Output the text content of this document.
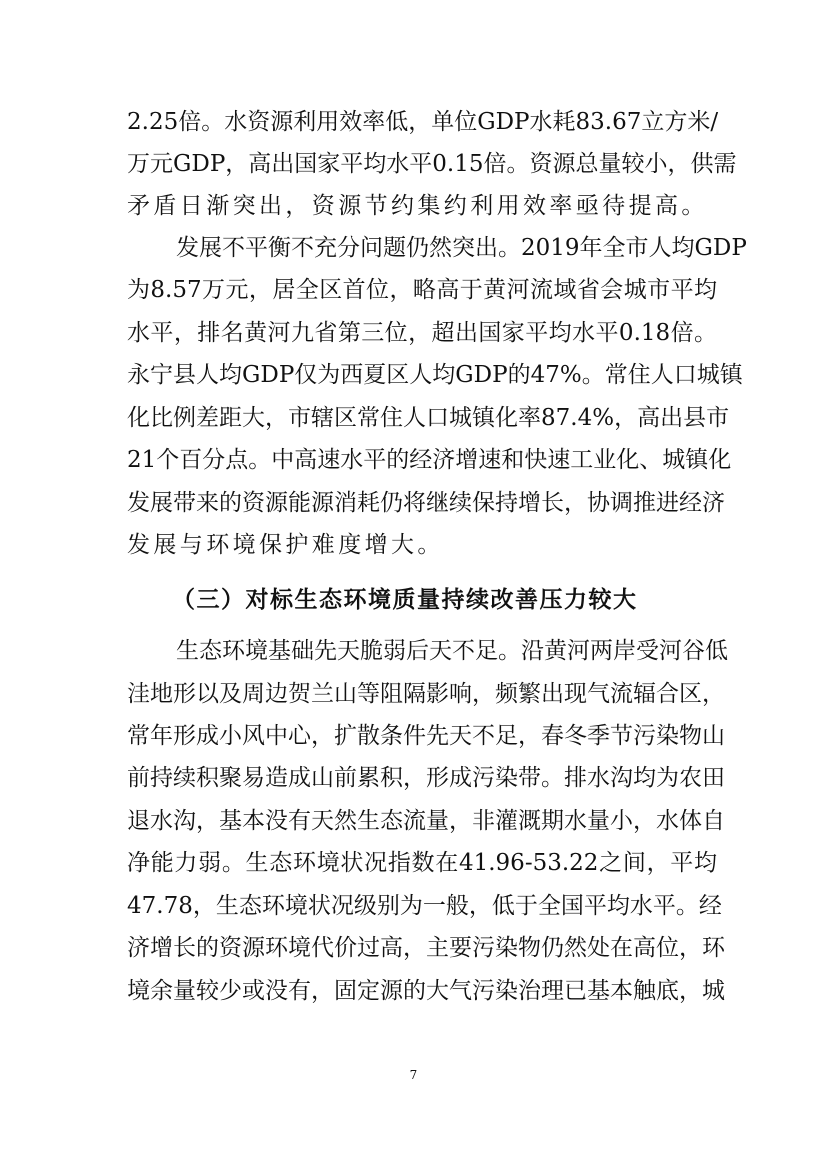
2.25倍。水资源利用效率低，单位GDP水耗83.67立方米/
万元GDP，高出国家平均水平0.15倍。资源总量较小，供需
矛盾日渐突出，资源节约集约利用效率亟待提高。
发展不平衡不充分问题仍然突出。2019年全市人均GDP
为8.57万元，居全区首位，略高于黄河流域省会城市平均
水平，排名黄河九省第三位，超出国家平均水平0.18倍。
永宁县人均GDP仅为西夏区人均GDP的47%。常住人口城镇
化比例差距大，市辖区常住人口城镇化率87.4%，高出县市
21个百分点。中高速水平的经济增速和快速工业化、城镇化
发展带来的资源能源消耗仍将继续保持增长，协调推进经济
发展与环境保护难度增大。
（三）对标生态环境质量持续改善压力较大
生态环境基础先天脆弱后天不足。沿黄河两岸受河谷低
洼地形以及周边贺兰山等阻隔影响，频繁出现气流辐合区，
常年形成小风中心，扩散条件先天不足，春冬季节污染物山
前持续积聚易造成山前累积，形成污染带。排水沟均为农田
退水沟，基本没有天然生态流量，非灌溉期水量小，水体自
净能力弱。生态环境状况指数在41.96-53.22之间，平均
47.78，生态环境状况级别为一般，低于全国平均水平。经
济增长的资源环境代价过高，主要污染物仍然处在高位，环
境余量较少或没有，固定源的大气污染治理已基本触底，城
7
